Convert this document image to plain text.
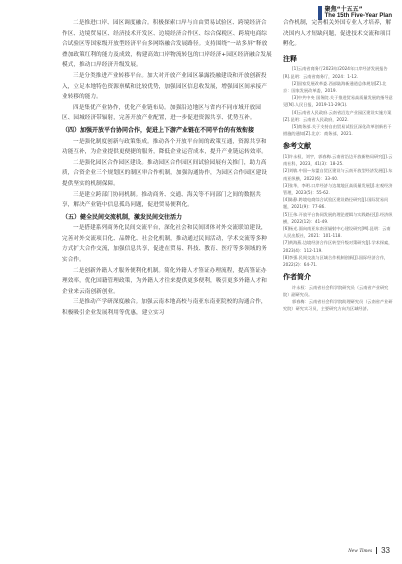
聚焦“十五五”
The 15th Five-Year Plan

二是推进口岸、园区调度融合。积极探索口岸与自由贸易试验区、跨境经济合作区、边境贸易区、经济技术开发区、边境经济合作区、综合保税区、跨境电商综合试验区等国家级开放型经济平台多网络融合发展路径。支持围绕“一站多屏”释放叠加政策红利的能力及成效，构建高效口岸物流转包的口岸经济+园区经济融合发展模式，推动口岸经济升级发展。

三是分类推进产业转移平台。加大对开放产业园区暴露投融建设和开放创新投入，立足本地特色资源禀赋和比较优势，加强园区信息收发展，增强园区间承接产业转移的能力。

四是集优产业协作，优化产业链布局。加强沿边地区与省内不同市域开放园区、园城经济带辐射，完善开放产业配置，进一步促进资源共享、优势互补。

（四）加强开放平台协同合作，促进上下游产业链在不同平台的有效衔接

一是强化制度创新与政策集成。推动各个开放平台间的政策互通，资源共享和功能互补，为企业提供更便捷的服务，降低企业运营成本，提升产业链运转效率。

二是强化园区合作园区建设。推动园区合作园区间试验园展有关推门，助力高质，合资企业三个规划区的制区审合作机制，加强沟通协作，为园区合作园区建设提供坚实的机制保障。

三是建立跨部门协同机制。推动商务、交通、海关等不同部门之间的数据共享，解决产业链中信息孤岛问题，促进贸易便利化。

（五）健全民间交流机制，激发民间交往活力

一是搭建系列商务化民间交流平台，深化社会和民间团体对外交流联谊建设，完善对外交流项目化、品牌化、社会化机制，推动通过民间活动，学术交流等多种方式扩大合作交流，加强信息共享，促进在贸易、科技、教育、医疗等多领域的务实合作。

二是创新外籍人才服务便利化机制。简化外籍人才签证办理流程，提高签证办理效率，优化国籍管理政策，为外籍人才往来提供更多便利，吸引更多外籍人才和企业来云南创新创业。

三是推动产学研深度融合。加强云南本地高校与南亚东南亚院校的沟通合作，积极吸引企业发展利用等优惠，建立实习

合作机制，完善相关外国专业人才培养，解决国内人才短缺问题，促进技术交流和项目孵化。

注释

[1]云南省商务厅2023年/2024年口岸经济发展报告[R].昆明：云南省商务厅，2024：1-12.

[2]国家发展改革委.西部陆海新通道总体规划[Z].北京：国家发展改革委，2019.

[3]中共中央 国务院.关于推进贸易高质量发展的指导意见[N].人民日报，2019-11-29(1).

[4]云南省人民政府.云南省沿边产业园区建设实施方案[Z].昆明：云南省人民政府，2022.

[5]商务部.关于支持自由贸易试验区深化改革创新若干措施的通知[Z].北京：商务部，2021.

参考文献

[1]许永权，刘宇，郭春梅.云南省沿边开放新格局研究[J].云南社科，2023，41(3)：18-25.

[2]刘敏.中国—东盟自贸区建设与云南开放型经济发展[J].东南亚纵横，2022(6)：33-40.

[3]张华，李明.口岸经济与边境地区高质量发展[J].宏观经济管理，2023(5)：55-62.

[4]陈静.跨境电商综合试验区建设路径研究[J].国际贸易问题，2021(9)：77-86.

[5]王伟.开放平台协同发展的理论逻辑与实践路径[J].经济纵横，2022(12)：41-49.

[6]杨光.面向南亚东南亚辐射中心建设研究[M].昆明：云南人民出版社，2021：101-118.

[7]黄海燕.边境经济合作区转型升级对策研究[J].学术探索，2023(4)：112-119.

[8]李强.民间交流与区域合作机制创新[J].国际经济合作，2022(2)：64-71.

作者简介

许永权：云南省社会科学院研究员（云南省产业研究院）副研究员。

郭春梅：云南省社会科学院助理研究员（云南省产业研究院）研究实习员，主要研究方向为区域经济。

New Times 33
